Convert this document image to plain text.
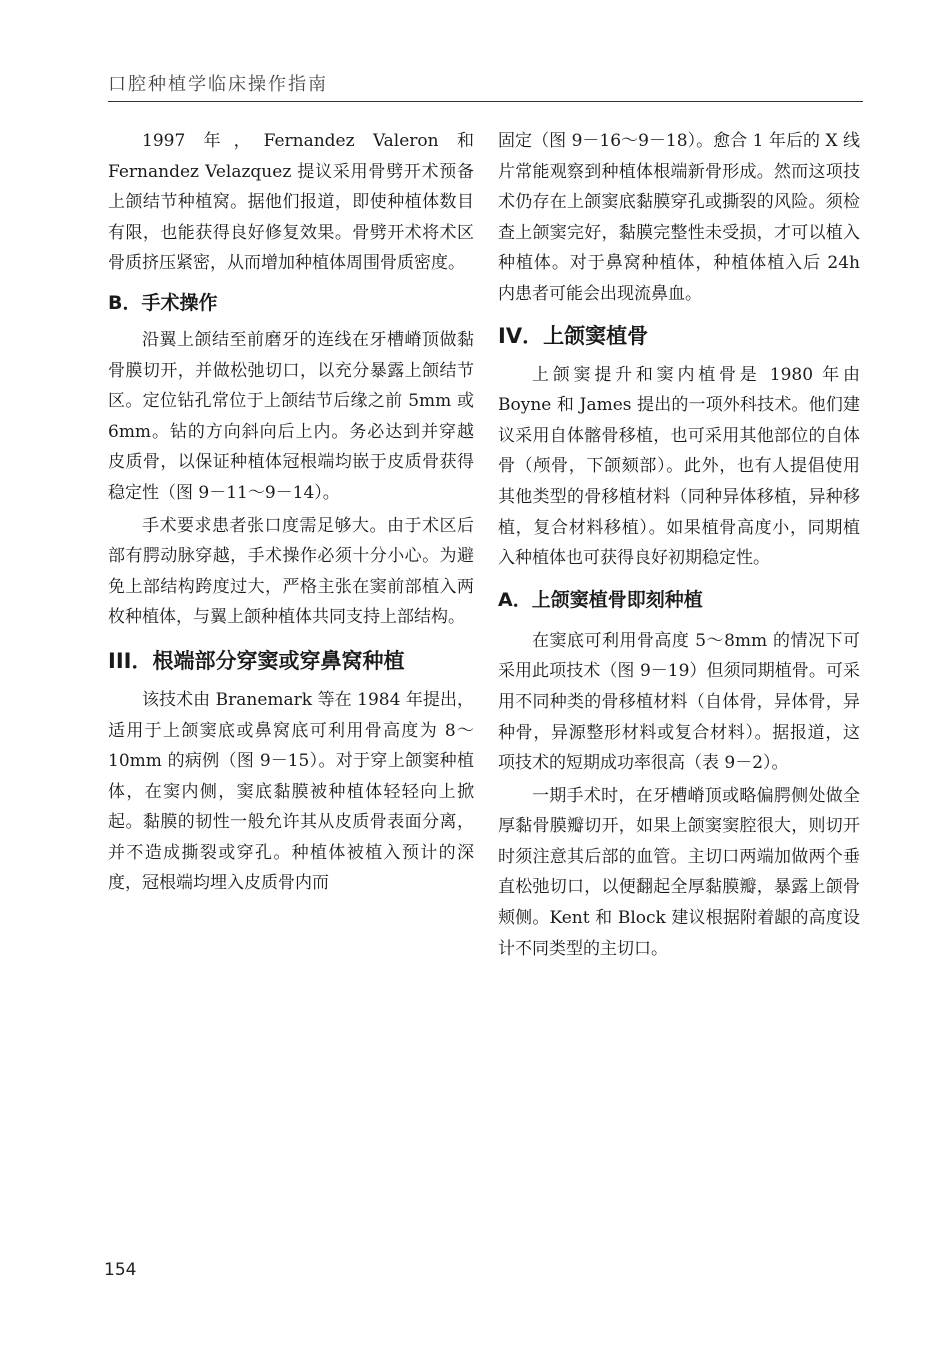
口腔种植学临床操作指南

1997 年，Fernandez Valeron 和 Fernandez Velazquez 提议采用骨劈开术预备上颌结节种植窝。据他们报道，即使种植体数目有限，也能获得良好修复效果。骨劈开术将术区骨质挤压紧密，从而增加种植体周围骨质密度。

B．手术操作

沿翼上颌结至前磨牙的连线在牙槽嵴顶做黏骨膜切开，并做松弛切口，以充分暴露上颌结节区。定位钻孔常位于上颌结节后缘之前 5mm 或 6mm。钻的方向斜向后上内。务必达到并穿越皮质骨，以保证种植体冠根端均嵌于皮质骨获得稳定性（图 9－11～9－14）。

手术要求患者张口度需足够大。由于术区后部有腭动脉穿越，手术操作必须十分小心。为避免上部结构跨度过大，严格主张在窦前部植入两枚种植体，与翼上颌种植体共同支持上部结构。

III．根端部分穿窦或穿鼻窝种植

该技术由 Branemark 等在 1984 年提出，适用于上颌窦底或鼻窝底可利用骨高度为 8～10mm 的病例（图 9－15）。对于穿上颌窦种植体，在窦内侧，窦底黏膜被种植体轻轻向上掀起。黏膜的韧性一般允许其从皮质骨表面分离，并不造成撕裂或穿孔。种植体被植入预计的深度，冠根端均埋入皮质骨内而

固定（图 9－16～9－18）。愈合 1 年后的 X 线片常能观察到种植体根端新骨形成。然而这项技术仍存在上颌窦底黏膜穿孔或撕裂的风险。须检查上颌窦完好，黏膜完整性未受损，才可以植入种植体。对于鼻窝种植体，种植体植入后 24h 内患者可能会出现流鼻血。

IV．上颌窦植骨

上颌窦提升和窦内植骨是 1980 年由 Boyne 和 James 提出的一项外科技术。他们建议采用自体髂骨移植，也可采用其他部位的自体骨（颅骨，下颌颏部）。此外，也有人提倡使用其他类型的骨移植材料（同种异体移植，异种移植，复合材料移植）。如果植骨高度小，同期植入种植体也可获得良好初期稳定性。

A．上颌窦植骨即刻种植

在窦底可利用骨高度 5～8mm 的情况下可采用此项技术（图 9－19）但须同期植骨。可采用不同种类的骨移植材料（自体骨，异体骨，异种骨，异源整形材料或复合材料）。据报道，这项技术的短期成功率很高（表 9－2）。

一期手术时，在牙槽嵴顶或略偏腭侧处做全厚黏骨膜瓣切开，如果上颌窦窦腔很大，则切开时须注意其后部的血管。主切口两端加做两个垂直松弛切口，以便翻起全厚黏膜瓣，暴露上颌骨颊侧。Kent 和 Block 建议根据附着龈的高度设计不同类型的主切口。

154
